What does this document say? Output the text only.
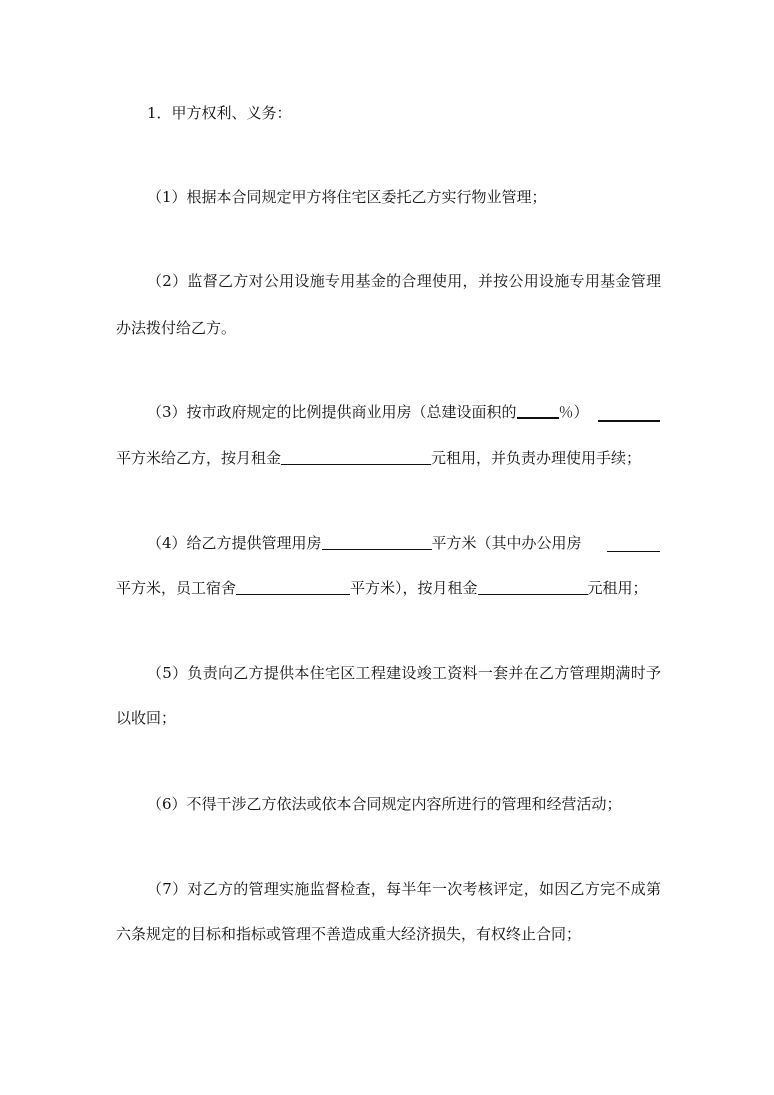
1．甲方权利、义务：
（1）根据本合同规定甲方将住宅区委托乙方实行物业管理；
（2）监督乙方对公用设施专用基金的合理使用，并按公用设施专用基金管理
办法拨付给乙方。
（3）按市政府规定的比例提供商业用房（总建设面积的	％）
平方米给乙方，按月租金	元租用，并负责办理使用手续；
（4）给乙方提供管理用房	平方米（其中办公用房
平方米，员工宿舍	平方米），按月租金	元租用；
（5）负责向乙方提供本住宅区工程建设竣工资料一套并在乙方管理期满时予
以收回；
（6）不得干涉乙方依法或依本合同规定内容所进行的管理和经营活动；
（7）对乙方的管理实施监督检查，每半年一次考核评定，如因乙方完不成第
六条规定的目标和指标或管理不善造成重大经济损失，有权终止合同；
